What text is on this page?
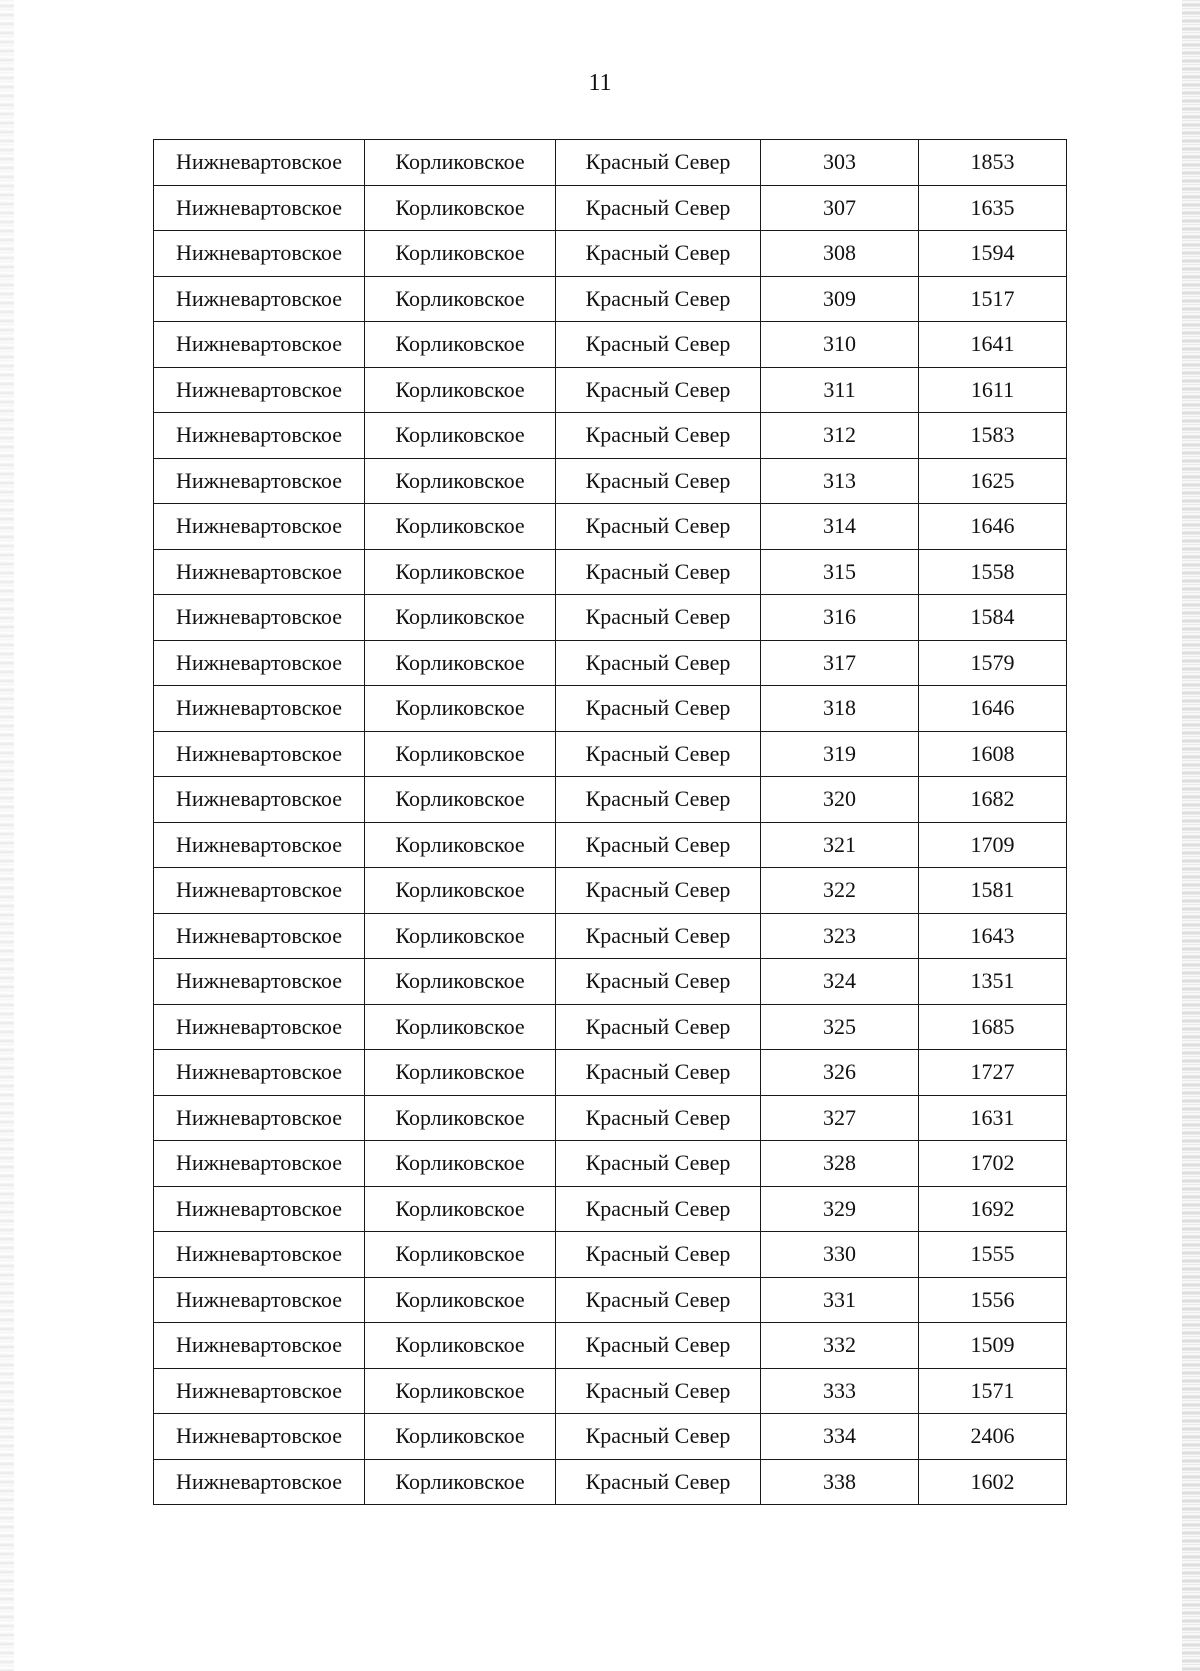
11
Нижневартовское	Корликовское	Красный Север	303	1853
Нижневартовское	Корликовское	Красный Север	307	1635
Нижневартовское	Корликовское	Красный Север	308	1594
Нижневартовское	Корликовское	Красный Север	309	1517
Нижневартовское	Корликовское	Красный Север	310	1641
Нижневартовское	Корликовское	Красный Север	311	1611
Нижневартовское	Корликовское	Красный Север	312	1583
Нижневартовское	Корликовское	Красный Север	313	1625
Нижневартовское	Корликовское	Красный Север	314	1646
Нижневартовское	Корликовское	Красный Север	315	1558
Нижневартовское	Корликовское	Красный Север	316	1584
Нижневартовское	Корликовское	Красный Север	317	1579
Нижневартовское	Корликовское	Красный Север	318	1646
Нижневартовское	Корликовское	Красный Север	319	1608
Нижневартовское	Корликовское	Красный Север	320	1682
Нижневартовское	Корликовское	Красный Север	321	1709
Нижневартовское	Корликовское	Красный Север	322	1581
Нижневартовское	Корликовское	Красный Север	323	1643
Нижневартовское	Корликовское	Красный Север	324	1351
Нижневартовское	Корликовское	Красный Север	325	1685
Нижневартовское	Корликовское	Красный Север	326	1727
Нижневартовское	Корликовское	Красный Север	327	1631
Нижневартовское	Корликовское	Красный Север	328	1702
Нижневартовское	Корликовское	Красный Север	329	1692
Нижневартовское	Корликовское	Красный Север	330	1555
Нижневартовское	Корликовское	Красный Север	331	1556
Нижневартовское	Корликовское	Красный Север	332	1509
Нижневартовское	Корликовское	Красный Север	333	1571
Нижневартовское	Корликовское	Красный Север	334	2406
Нижневартовское	Корликовское	Красный Север	338	1602
